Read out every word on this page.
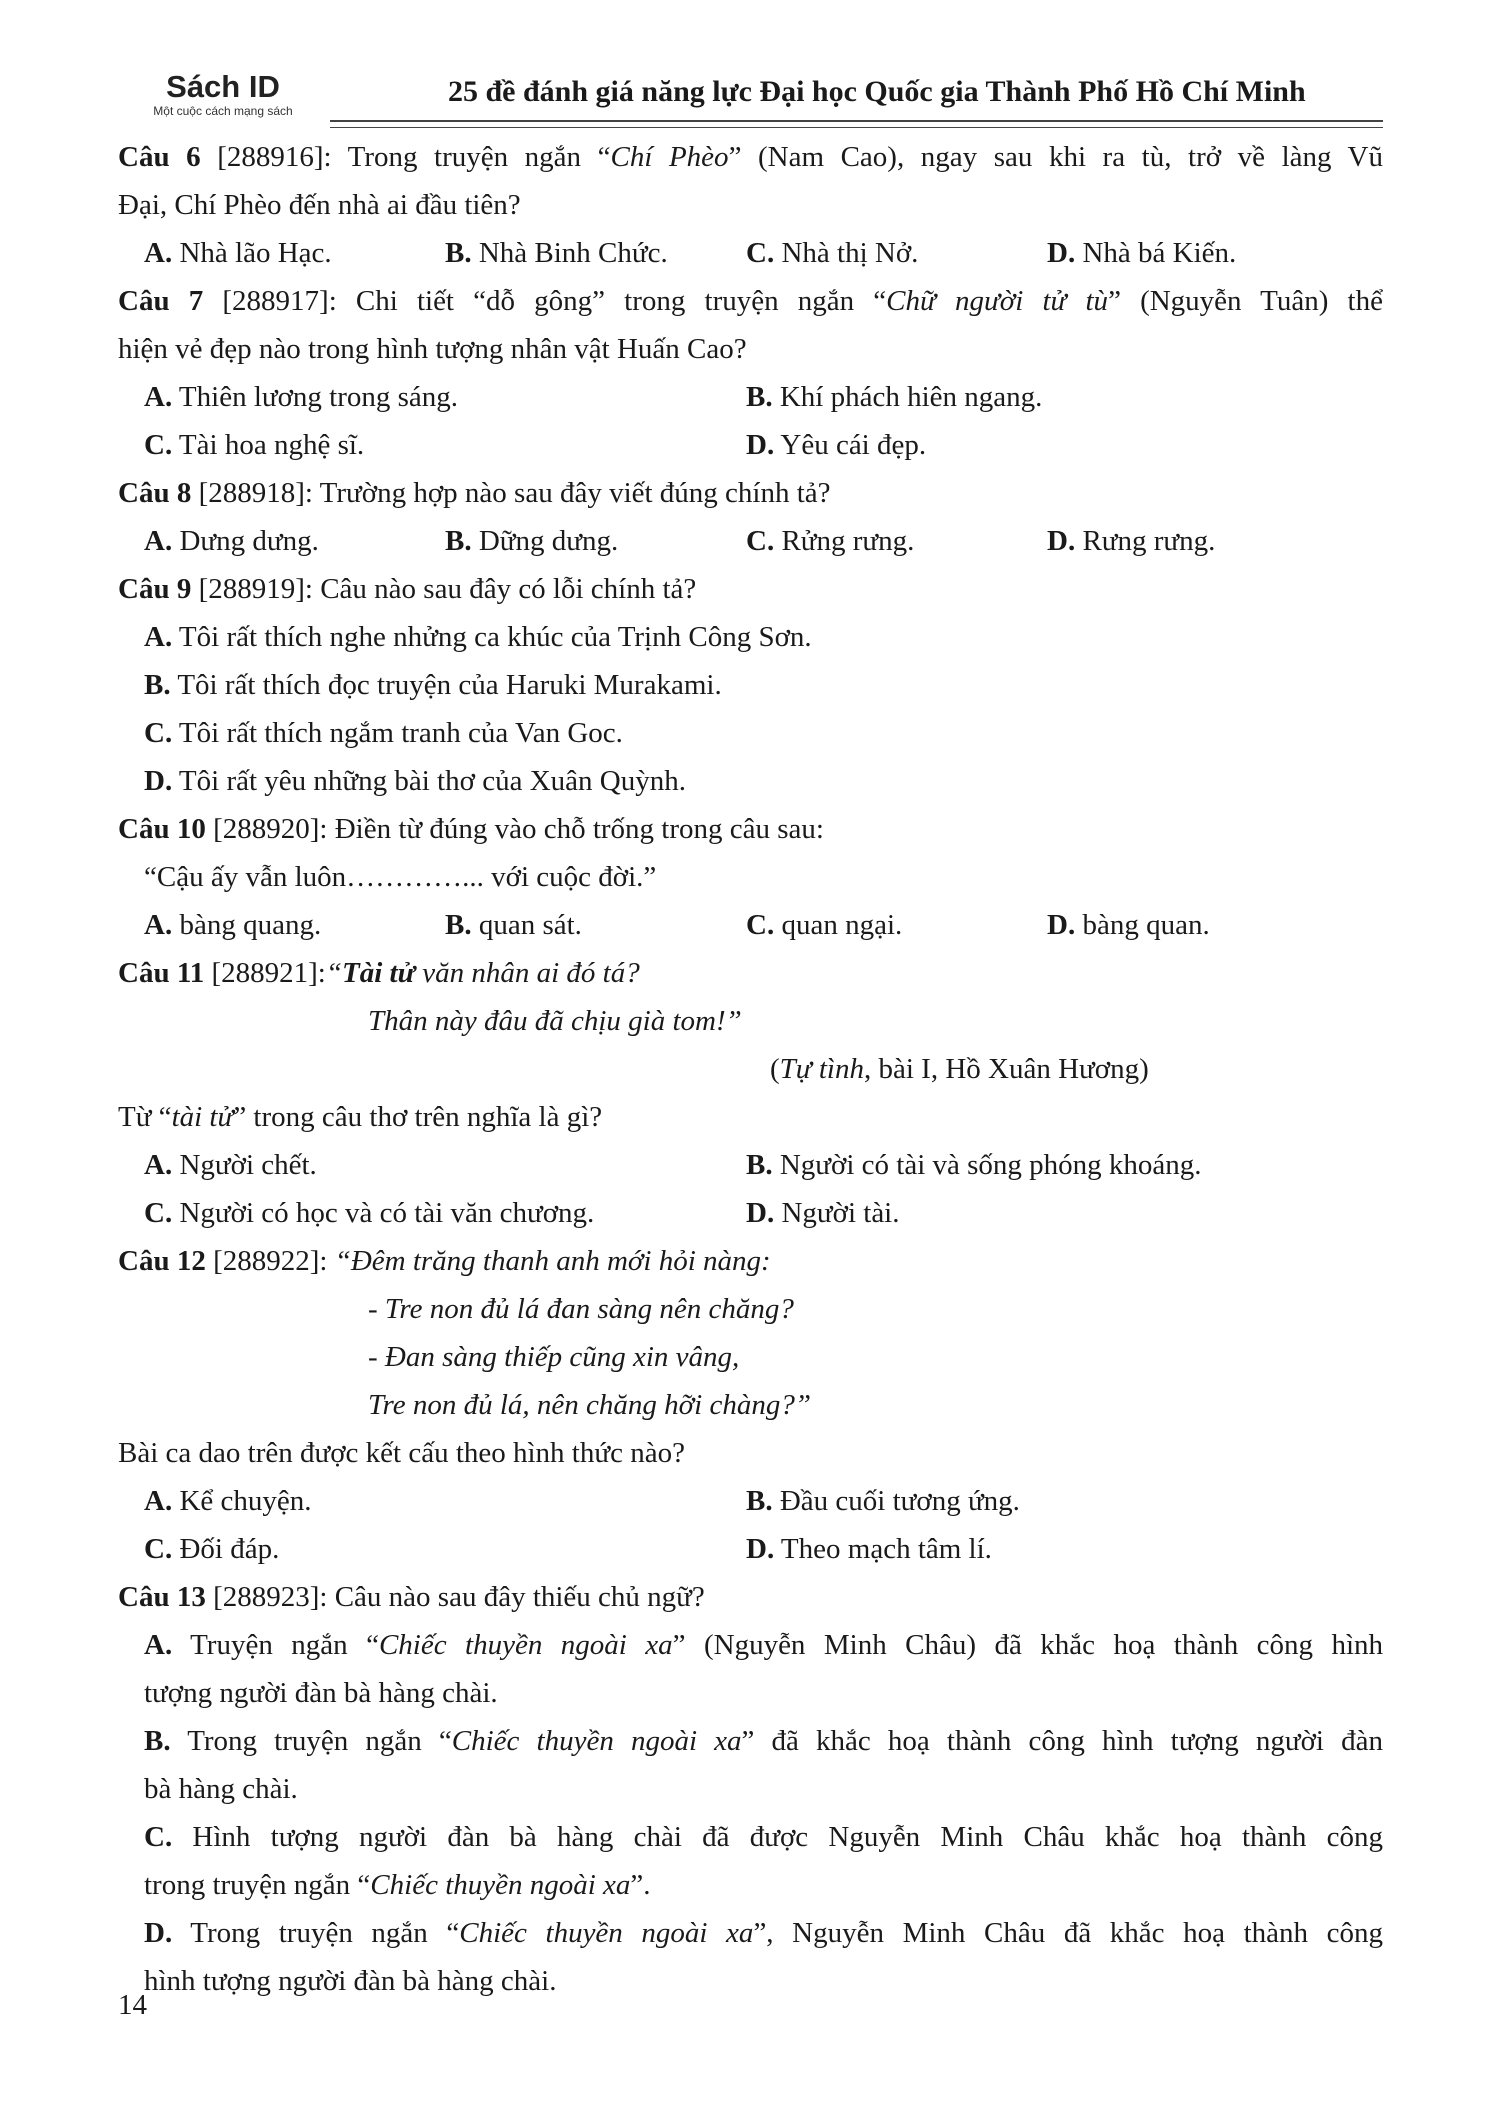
Sách ID
Một cuộc cách mạng sách
25 đề đánh giá năng lực Đại học Quốc gia Thành Phố Hồ Chí Minh
Câu 6 [288916]: Trong truyện ngắn “Chí Phèo” (Nam Cao), ngay sau khi ra tù, trở về làng Vũ
Đại, Chí Phèo đến nhà ai đầu tiên?
A. Nhà lão Hạc.	B. Nhà Binh Chức.	C. Nhà thị Nở.	D. Nhà bá Kiến.
Câu 7 [288917]: Chi tiết “dỗ gông” trong truyện ngắn “Chữ người tử tù” (Nguyễn Tuân) thể
hiện vẻ đẹp nào trong hình tượng nhân vật Huấn Cao?
A. Thiên lương trong sáng.	B. Khí phách hiên ngang.
C. Tài hoa nghệ sĩ.	D. Yêu cái đẹp.
Câu 8 [288918]: Trường hợp nào sau đây viết đúng chính tả?
A. Dưng dưng.	B. Dững dưng.	C. Rửng rưng.	D. Rưng rưng.
Câu 9 [288919]: Câu nào sau đây có lỗi chính tả?
A. Tôi rất thích nghe nhửng ca khúc của Trịnh Công Sơn.
B. Tôi rất thích đọc truyện của Haruki Murakami.
C. Tôi rất thích ngắm tranh của Van Goc.
D. Tôi rất yêu những bài thơ của Xuân Quỳnh.
Câu 10 [288920]: Điền từ đúng vào chỗ trống trong câu sau:
“Cậu ấy vẫn luôn…………... với cuộc đời.”
A. bàng quang.	B. quan sát.	C. quan ngại.	D. bàng quan.
Câu 11 [288921]:“Tài tử văn nhân ai đó tá?
Thân này đâu đã chịu già tom!”
(Tự tình, bài I, Hồ Xuân Hương)
Từ “tài tử” trong câu thơ trên nghĩa là gì?
A. Người chết.	B. Người có tài và sống phóng khoáng.
C. Người có học và có tài văn chương.	D. Người tài.
Câu 12 [288922]: “Đêm trăng thanh anh mới hỏi nàng:
- Tre non đủ lá đan sàng nên chăng?
- Đan sàng thiếp cũng xin vâng,
Tre non đủ lá, nên chăng hỡi chàng?”
Bài ca dao trên được kết cấu theo hình thức nào?
A. Kể chuyện.	B. Đầu cuối tương ứng.
C. Đối đáp.	D. Theo mạch tâm lí.
Câu 13 [288923]: Câu nào sau đây thiếu chủ ngữ?
A. Truyện ngắn “Chiếc thuyền ngoài xa” (Nguyễn Minh Châu) đã khắc hoạ thành công hình
tượng người đàn bà hàng chài.
B. Trong truyện ngắn “Chiếc thuyền ngoài xa” đã khắc hoạ thành công hình tượng người đàn
bà hàng chài.
C. Hình tượng người đàn bà hàng chài đã được Nguyễn Minh Châu khắc hoạ thành công
trong truyện ngắn “Chiếc thuyền ngoài xa”.
D. Trong truyện ngắn “Chiếc thuyền ngoài xa”, Nguyễn Minh Châu đã khắc hoạ thành công
hình tượng người đàn bà hàng chài.
14
